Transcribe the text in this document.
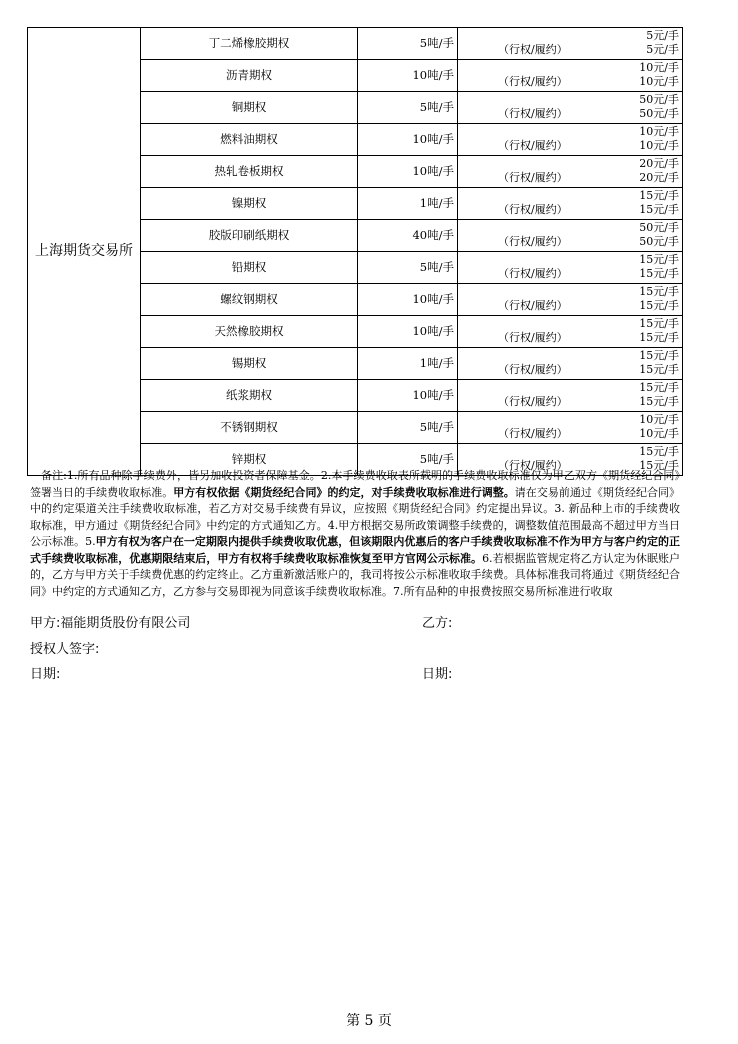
上海期货交易所	丁二烯橡胶期权	5吨/手	5元/手
（行权/履约） 5元/手

	沥青期权	10吨/手	10元/手
（行权/履约） 10元/手

	铜期权	5吨/手	50元/手
（行权/履约） 50元/手

	燃料油期权	10吨/手	10元/手
（行权/履约） 10元/手

	热轧卷板期权	10吨/手	20元/手
（行权/履约） 20元/手

	镍期权	1吨/手	15元/手
（行权/履约） 15元/手

	胶版印刷纸期权	40吨/手	50元/手
（行权/履约） 50元/手

	铅期权	5吨/手	15元/手
（行权/履约） 15元/手

	螺纹钢期权	10吨/手	15元/手
（行权/履约） 15元/手

	天然橡胶期权	10吨/手	15元/手
（行权/履约） 15元/手

	锡期权	1吨/手	15元/手
（行权/履约） 15元/手

	纸浆期权	10吨/手	15元/手
（行权/履约） 15元/手

	不锈钢期权	5吨/手	10元/手
（行权/履约） 10元/手

	锌期权	5吨/手	15元/手
（行权/履约） 15元/手
备注:1.所有品种除手续费外，皆另加收投资者保障基金。2.本手续费收取表所载明的手续费收取标准仅为甲乙双方《期货经纪合同》签署当日的手续费收取标准。甲方有权依据《期货经纪合同》的约定，对手续费收取标准进行调整。请在交易前通过《期货经纪合同》中的约定渠道关注手续费收取标准，若乙方对交易手续费有异议，应按照《期货经纪合同》约定提出异议。3. 新品种上市的手续费收取标准，甲方通过《期货经纪合同》中约定的方式通知乙方。4.甲方根据交易所政策调整手续费的，调整数值范围最高不超过甲方当日公示标准。5.甲方有权为客户在一定期限内提供手续费收取优惠，但该期限内优惠后的客户手续费收取标准不作为甲方与客户约定的正式手续费收取标准，优惠期限结束后，甲方有权将手续费收取标准恢复至甲方官网公示标准。6.若根据监管规定将乙方认定为休眠账户的，乙方与甲方关于手续费优惠的约定终止。乙方重新激活账户的，我司将按公示标准收取手续费。具体标准我司将通过《期货经纪合同》中约定的方式通知乙方，乙方参与交易即视为同意该手续费收取标准。7.所有品种的申报费按照交易所标准进行收取
甲方:福能期货股份有限公司	乙方:
授权人签字:
日期:	日期:
第 5 页
